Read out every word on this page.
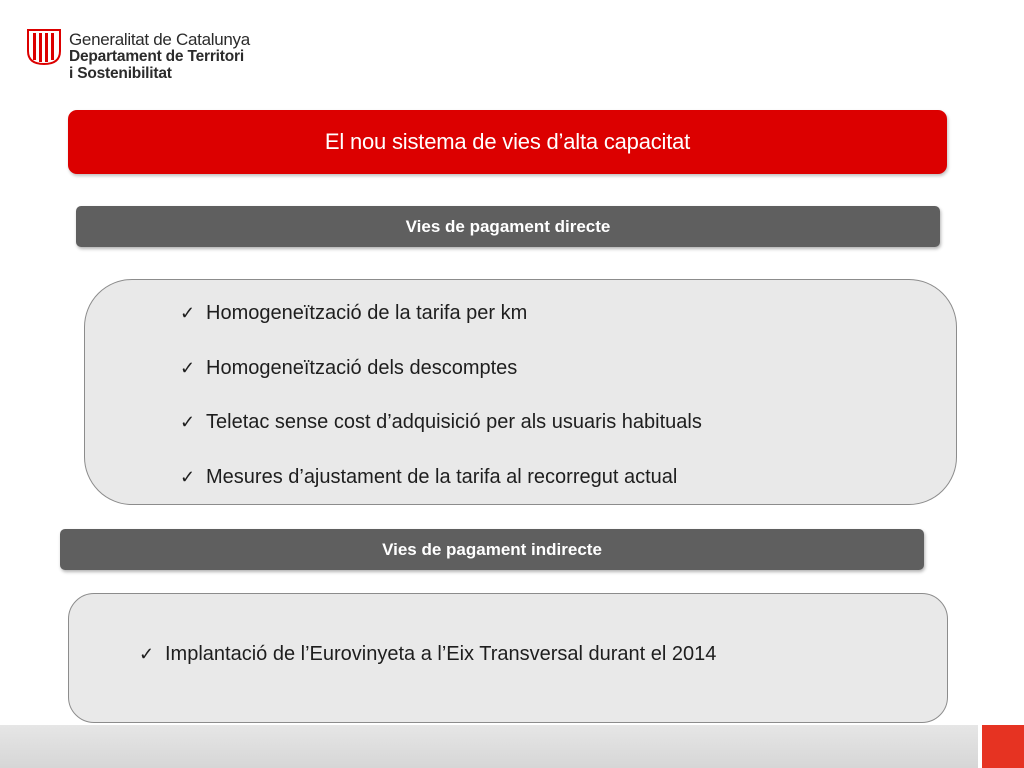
Generalitat de Catalunya
Departament de Territori
i Sostenibilitat
El nou sistema de vies d’alta capacitat
Vies de pagament directe
✓ Homogeneïtzació de la tarifa per km
✓ Homogeneïtzació dels descomptes
✓ Teletac sense cost d’adquisició per als usuaris habituals
✓ Mesures d’ajustament de la tarifa al recorregut actual
Vies de pagament indirecte
✓ Implantació de l’Eurovinyeta a l’Eix Transversal durant el 2014
